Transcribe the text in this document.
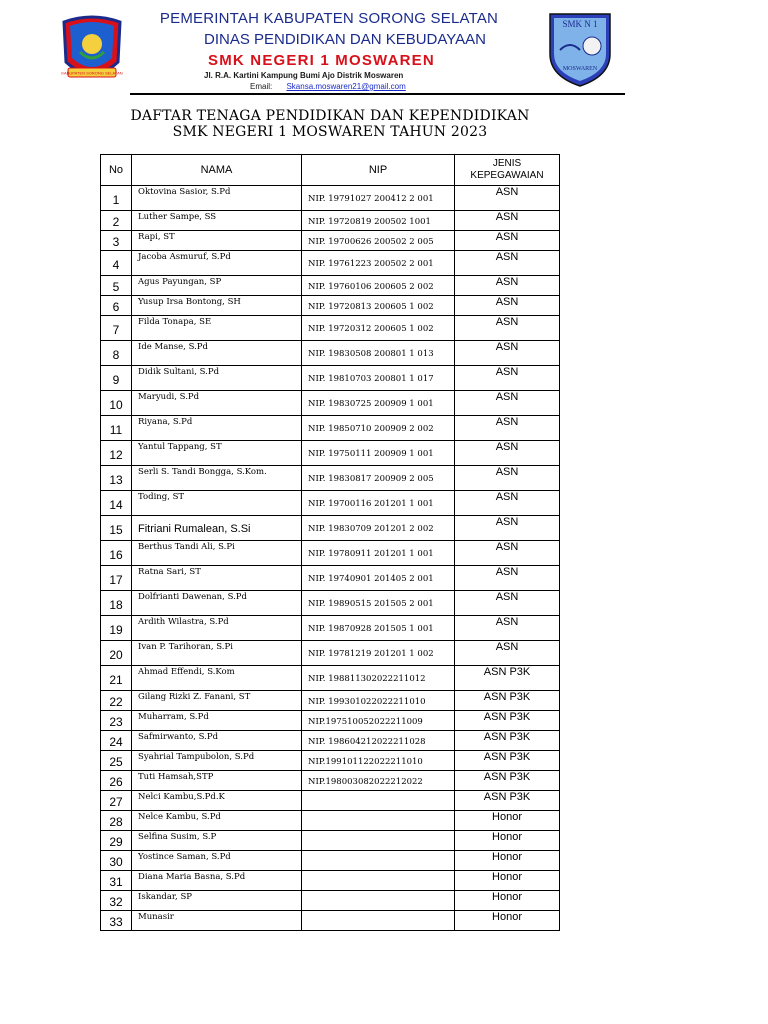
KABUPATEN SORONG SELATAN
PEMERINTAH KABUPATEN SORONG SELATAN
DINAS PENDIDIKAN DAN KEBUDAYAAN
SMK NEGERI 1 MOSWAREN
Jl. R.A. Kartini Kampung Bumi Ajo Distrik Moswaren
Email: Skansa.moswaren21@gmail.com
SMK N 1
MOSWAREN
DAFTAR TENAGA PENDIDIKAN DAN KEPENDIDIKAN
SMK NEGERI 1 MOSWAREN TAHUN 2023
No	NAMA	NIP	JENIS
KEPEGAWAIAN

1	Oktovina Sasior, S.Pd	NIP. 19791027 200412 2 001	ASN
2	Luther Sampe, SS	NIP. 19720819 200502 1001	ASN
3	Rapi, ST	NIP. 19700626 200502 2 005	ASN
4	Jacoba Asmuruf, S.Pd	NIP. 19761223 200502 2 001	ASN
5	Agus Payungan, SP	NIP. 19760106 200605 2 002	ASN
6	Yusup Irsa Bontong, SH	NIP. 19720813 200605 1 002	ASN
7	Filda Tonapa, SE	NIP. 19720312 200605 1 002	ASN
8	Ide Manse, S.Pd	NIP. 19830508 200801 1 013	ASN
9	Didik Sultani, S.Pd	NIP. 19810703 200801 1 017	ASN
10	Maryudi, S.Pd	NIP. 19830725 200909 1 001	ASN
11	Riyana, S.Pd	NIP. 19850710 200909 2 002	ASN
12	Yantul Tappang, ST	NIP. 19750111 200909 1 001	ASN
13	Serli S. Tandi Bongga, S.Kom.	NIP. 19830817 200909 2 005	ASN
14	Toding, ST	NIP. 19700116 201201 1 001	ASN
15	Fitriani Rumalean, S.Si	NIP. 19830709 201201 2 002	ASN
16	Berthus Tandi Ali, S.Pi	NIP. 19780911 201201 1 001	ASN
17	Ratna Sari, ST	NIP. 19740901 201405 2 001	ASN
18	Dolfrianti Dawenan, S.Pd	NIP. 19890515 201505 2 001	ASN
19	Ardith Wilastra, S.Pd	NIP. 19870928 201505 1 001	ASN
20	Ivan P. Tarihoran, S.Pi	NIP. 19781219 201201 1 002	ASN
21	Ahmad Effendi, S.Kom	NIP. 198811302022211012	ASN P3K
22	Gilang Rizki Z. Fanani, ST	NIP. 199301022022211010	ASN P3K
23	Muharram, S.Pd	NIP.197510052022211009	ASN P3K
24	Safmirwanto, S.Pd	NIP. 198604212022211028	ASN P3K
25	Syahrial Tampubolon, S.Pd	NIP.199101122022211010	ASN P3K
26	Tuti Hamsah,STP	NIP.198003082022212022	ASN P3K
27	Nelci Kambu,S.Pd.K		ASN P3K
28	Nelce Kambu, S.Pd		Honor
29	Selfina Susim, S.P		Honor
30	Yostince Saman, S.Pd		Honor
31	Diana Maria Basna, S.Pd		Honor
32	Iskandar, SP		Honor
33	Munasir		Honor
